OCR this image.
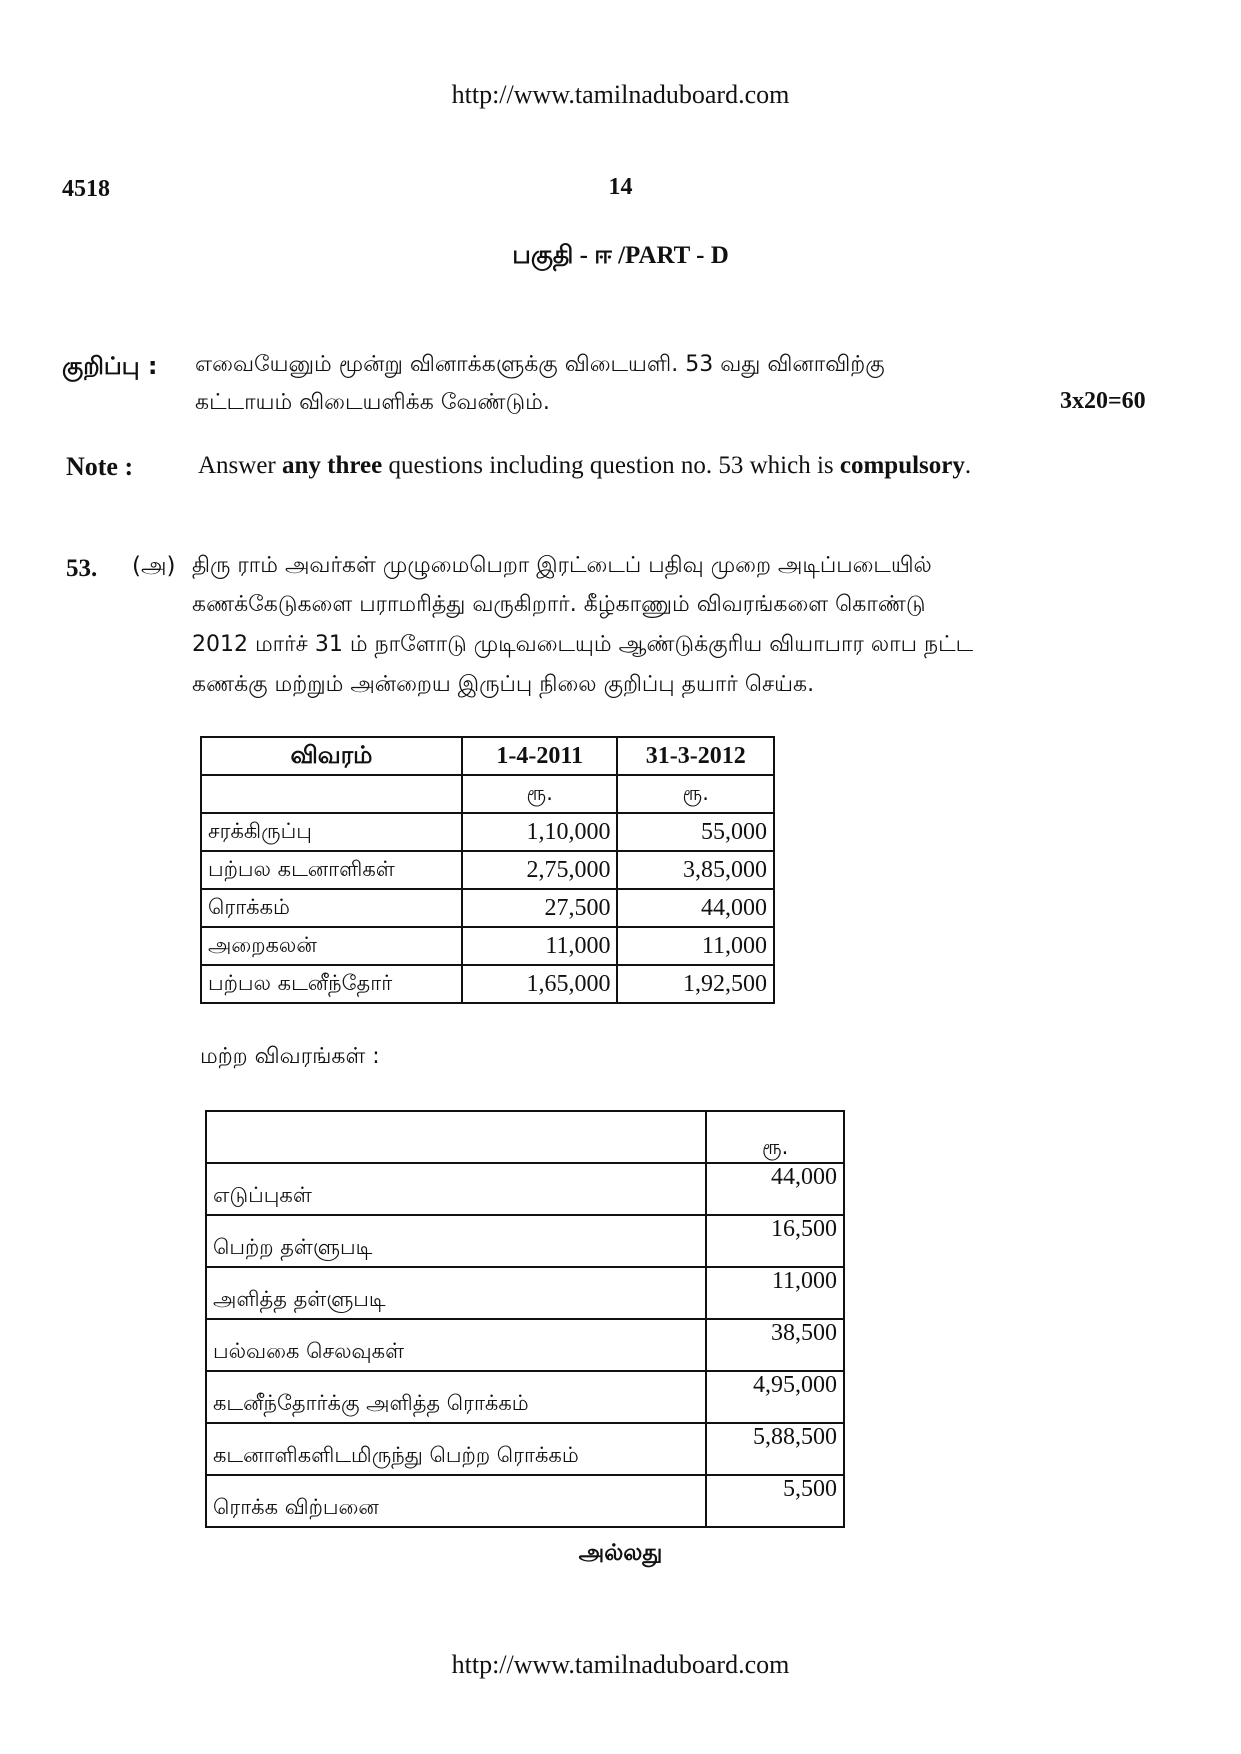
http://www.tamilnaduboard.com
4518	14
பகுதி - ஈ /PART - D
குறிப்பு : எவையேனும் மூன்று வினாக்களுக்கு விடையளி. 53 வது வினாவிற்கு
கட்டாயம் விடையளிக்க வேண்டும்.	3x20=60
Note :	Answer any three questions including question no. 53 which is compulsory.
53. (அ) திரு ராம் அவர்கள் முழுமைபெறா இரட்டைப் பதிவு முறை அடிப்படையில்
கணக்கேடுகளை பராமரித்து வருகிறார். கீழ்காணும் விவரங்களை கொண்டு
2012 மார்ச் 31 ம் நாளோடு முடிவடையும் ஆண்டுக்குரிய வியாபார லாப நட்ட
கணக்கு மற்றும் அன்றைய இருப்பு நிலை குறிப்பு தயார் செய்க.
விவரம்	1-4-2011	31-3-2012
	ரூ.	ரூ.
சரக்கிருப்பு	1,10,000	55,000
பற்பல கடனாளிகள்	2,75,000	3,85,000
ரொக்கம்	27,500	44,000
அறைகலன்	11,000	11,000
பற்பல கடனீந்தோர்	1,65,000	1,92,500
மற்ற விவரங்கள் :
	ரூ.
எடுப்புகள்	44,000
பெற்ற தள்ளுபடி	16,500
அளித்த தள்ளுபடி	11,000
பல்வகை செலவுகள்	38,500
கடனீந்தோர்க்கு அளித்த ரொக்கம்	4,95,000
கடனாளிகளிடமிருந்து பெற்ற ரொக்கம்	5,88,500
ரொக்க விற்பனை	5,500
அல்லது
http://www.tamilnaduboard.com
